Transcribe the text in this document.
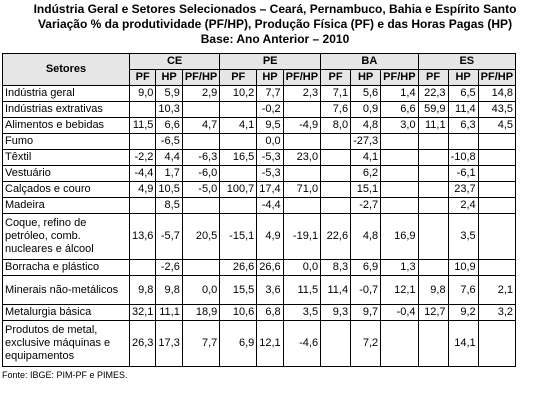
Indústria Geral e Setores Selecionados – Ceará, Pernambuco, Bahia e Espírito Santo
Variação % da produtividade (PF/HP), Produção Física (PF) e das Horas Pagas (HP)
Base: Ano Anterior – 2010
Setores	CE			PE			BA			ES		
	PF	HP	PF/HP	PF	HP	PF/HP	PF	HP	PF/HP	PF	HP	PF/HP
Indústria geral	9,0	5,9	2,9	10,2	7,7	2,3	7,1	5,6	1,4	22,3	6,5	14,8
Indústrias extrativas		10,3			-0,2		7,6	0,9	6,6	59,9	11,4	43,5
Alimentos e bebidas	11,5	6,6	4,7	4,1	9,5	-4,9	8,0	4,8	3,0	11,1	6,3	4,5
Fumo		-6,5			0,0			-27,3				
Têxtil	-2,2	4,4	-6,3	16,5	-5,3	23,0		4,1			-10,8	
Vestuário	-4,4	1,7	-6,0		-5,3			6,2			-6,1	
Calçados e couro	4,9	10,5	-5,0	100,7	17,4	71,0		15,1			23,7	
Madeira		8,5			-4,4			-2,7			2,4	
Coque, refino de petróleo, comb. nucleares e álcool	13,6	-5,7	20,5	-15,1	4,9	-19,1	22,6	4,8	16,9		3,5	
Borracha e plástico		-2,6		26,6	26,6	0,0	8,3	6,9	1,3		10,9	
Minerais não-metálicos	9,8	9,8	0,0	15,5	3,6	11,5	11,4	-0,7	12,1	9,8	7,6	2,1
Metalurgia básica	32,1	11,1	18,9	10,6	6,8	3,5	9,3	9,7	-0,4	12,7	9,2	3,2
Produtos de metal, exclusive máquinas e equipamentos	26,3	17,3	7,7	6,9	12,1	-4,6		7,2			14,1	
Fonte: IBGE: PIM-PF e PIMES.
